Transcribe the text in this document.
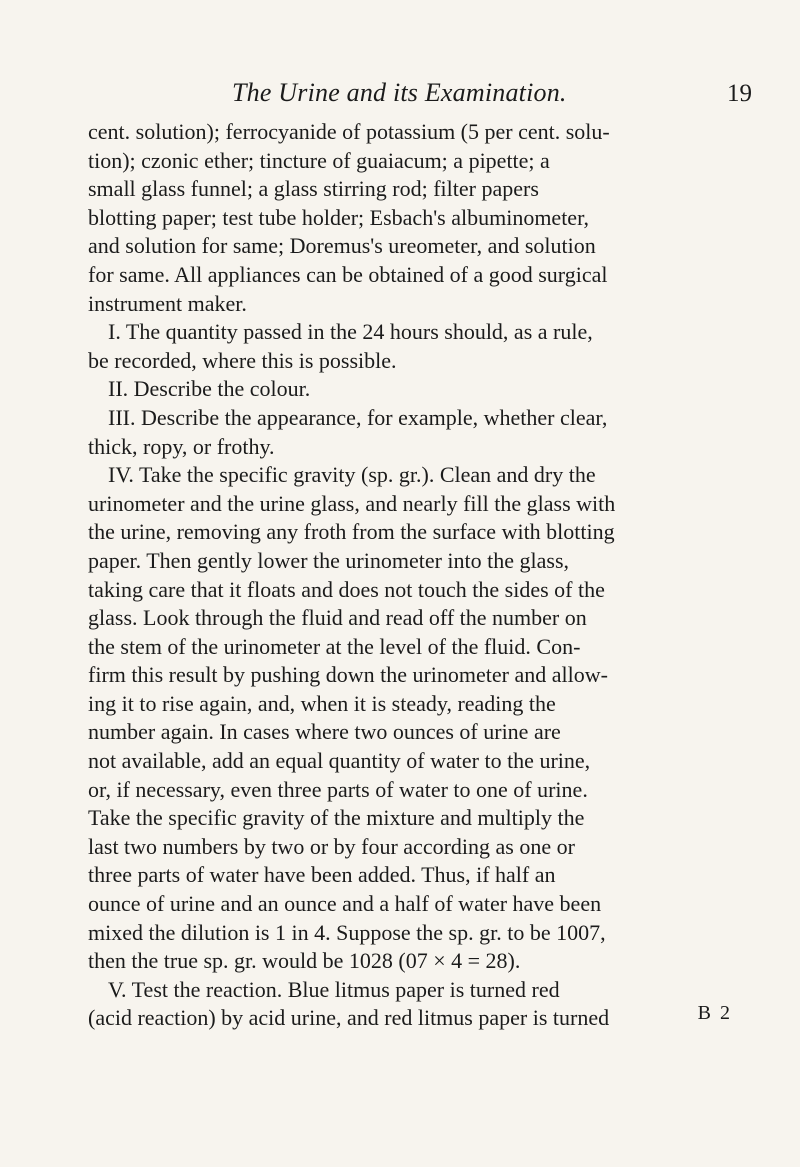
The Urine and its Examination.	19
cent. solution); ferrocyanide of potassium (5 per cent. solu-
tion); czonic ether; tincture of guaiacum; a pipette; a
small glass funnel; a glass stirring rod; filter papers
blotting paper; test tube holder; Esbach's albuminometer,
and solution for same; Doremus's ureometer, and solution
for same. All appliances can be obtained of a good surgical
instrument maker.
I. The quantity passed in the 24 hours should, as a rule,
be recorded, where this is possible.
II. Describe the colour.
III. Describe the appearance, for example, whether clear,
thick, ropy, or frothy.
IV. Take the specific gravity (sp. gr.). Clean and dry the
urinometer and the urine glass, and nearly fill the glass with
the urine, removing any froth from the surface with blotting
paper. Then gently lower the urinometer into the glass,
taking care that it floats and does not touch the sides of the
glass. Look through the fluid and read off the number on
the stem of the urinometer at the level of the fluid. Con-
firm this result by pushing down the urinometer and allow-
ing it to rise again, and, when it is steady, reading the
number again. In cases where two ounces of urine are
not available, add an equal quantity of water to the urine,
or, if necessary, even three parts of water to one of urine.
Take the specific gravity of the mixture and multiply the
last two numbers by two or by four according as one or
three parts of water have been added. Thus, if half an
ounce of urine and an ounce and a half of water have been
mixed the dilution is 1 in 4. Suppose the sp. gr. to be 1007,
then the true sp. gr. would be 1028 (07 × 4 = 28).
V. Test the reaction. Blue litmus paper is turned red
(acid reaction) by acid urine, and red litmus paper is turned	B 2
